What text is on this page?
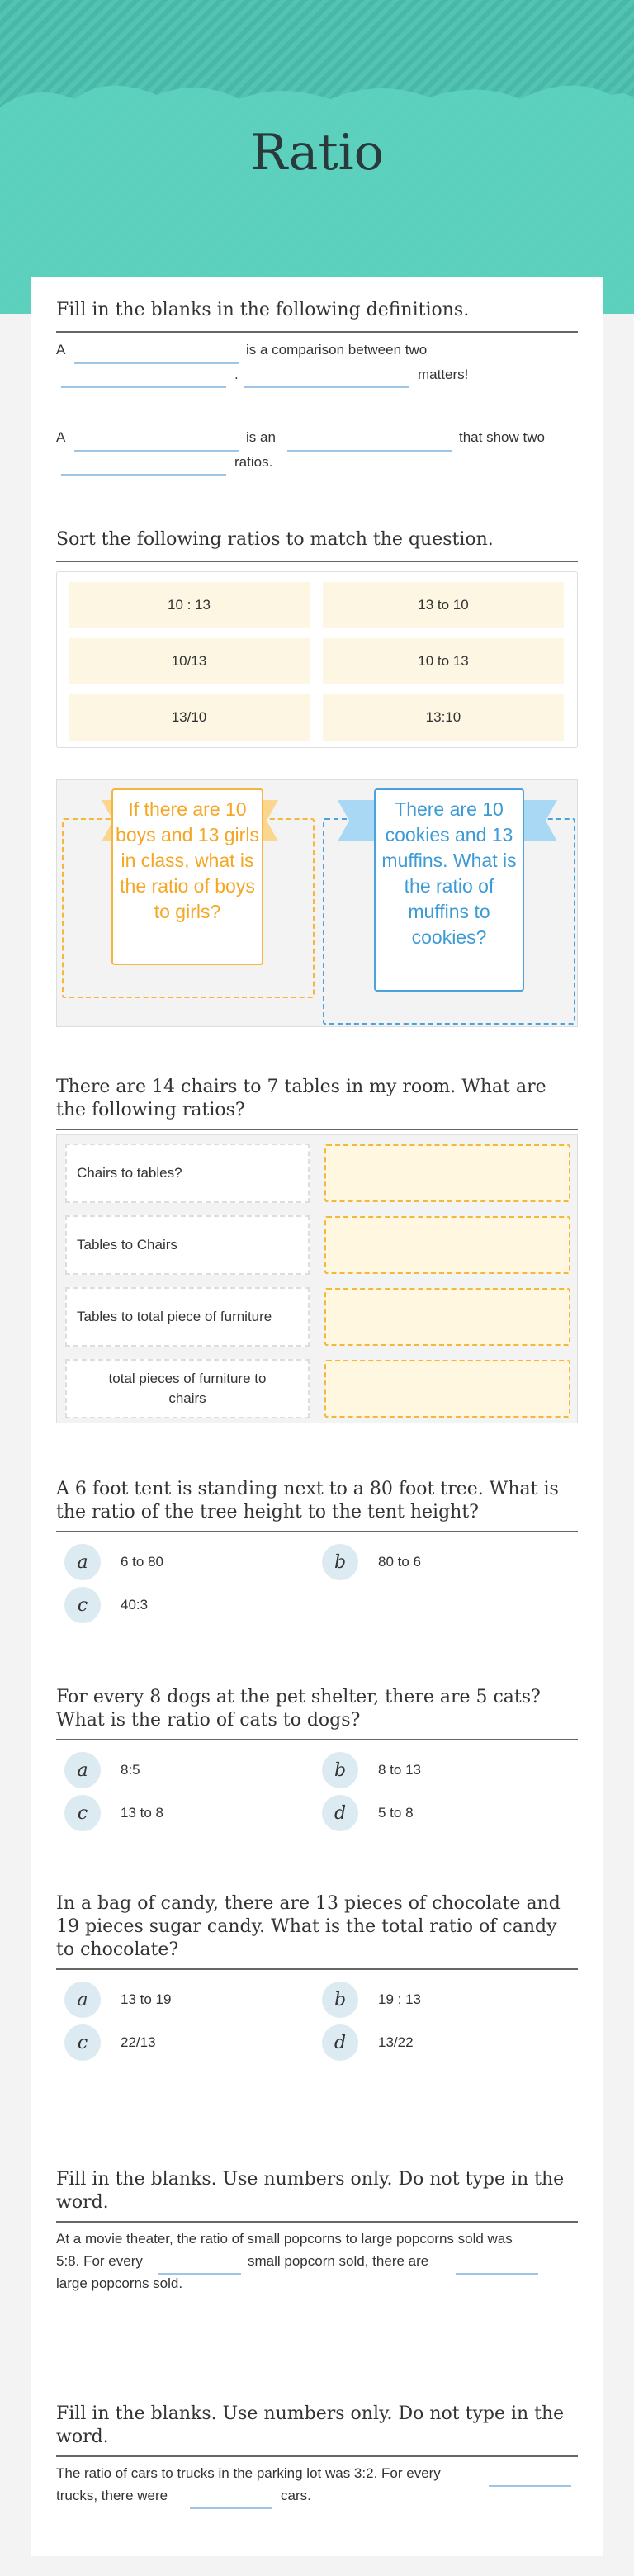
Ratio
Fill in the blanks in the following definitions.
A	is a comparison between two
.	matters!
A	is an	that show two
ratios.
Sort the following ratios to match the question.
10 : 13	13 to 10
10/13	10 to 13
13/10	13:10
If there are 10 boys and 13 girls in class, what is the ratio of boys to girls?
There are 10 cookies and 13 muffins. What is the ratio of muffins to cookies?
There are 14 chairs to 7 tables in my room. What are the following ratios?
Chairs to tables?
Tables to Chairs
Tables to total piece of furniture
total pieces of furniture to chairs
A 6 foot tent is standing next to a 80 foot tree. What is the ratio of the tree height to the tent height?
a	6 to 80	b	80 to 6
c	40:3
For every 8 dogs at the pet shelter, there are 5 cats? What is the ratio of cats to dogs?
a	8:5	b	8 to 13
c	13 to 8	d	5 to 8
In a bag of candy, there are 13 pieces of chocolate and 19 pieces sugar candy. What is the total ratio of candy to chocolate?
a	13 to 19	b	19 : 13
c	22/13	d	13/22
Fill in the blanks. Use numbers only. Do not type in the word.
At a movie theater, the ratio of small popcorns to large popcorns sold was
5:8. For every	small popcorn sold, there are
large popcorns sold.
Fill in the blanks. Use numbers only. Do not type in the word.
The ratio of cars to trucks in the parking lot was 3:2. For every
trucks, there were	cars.
